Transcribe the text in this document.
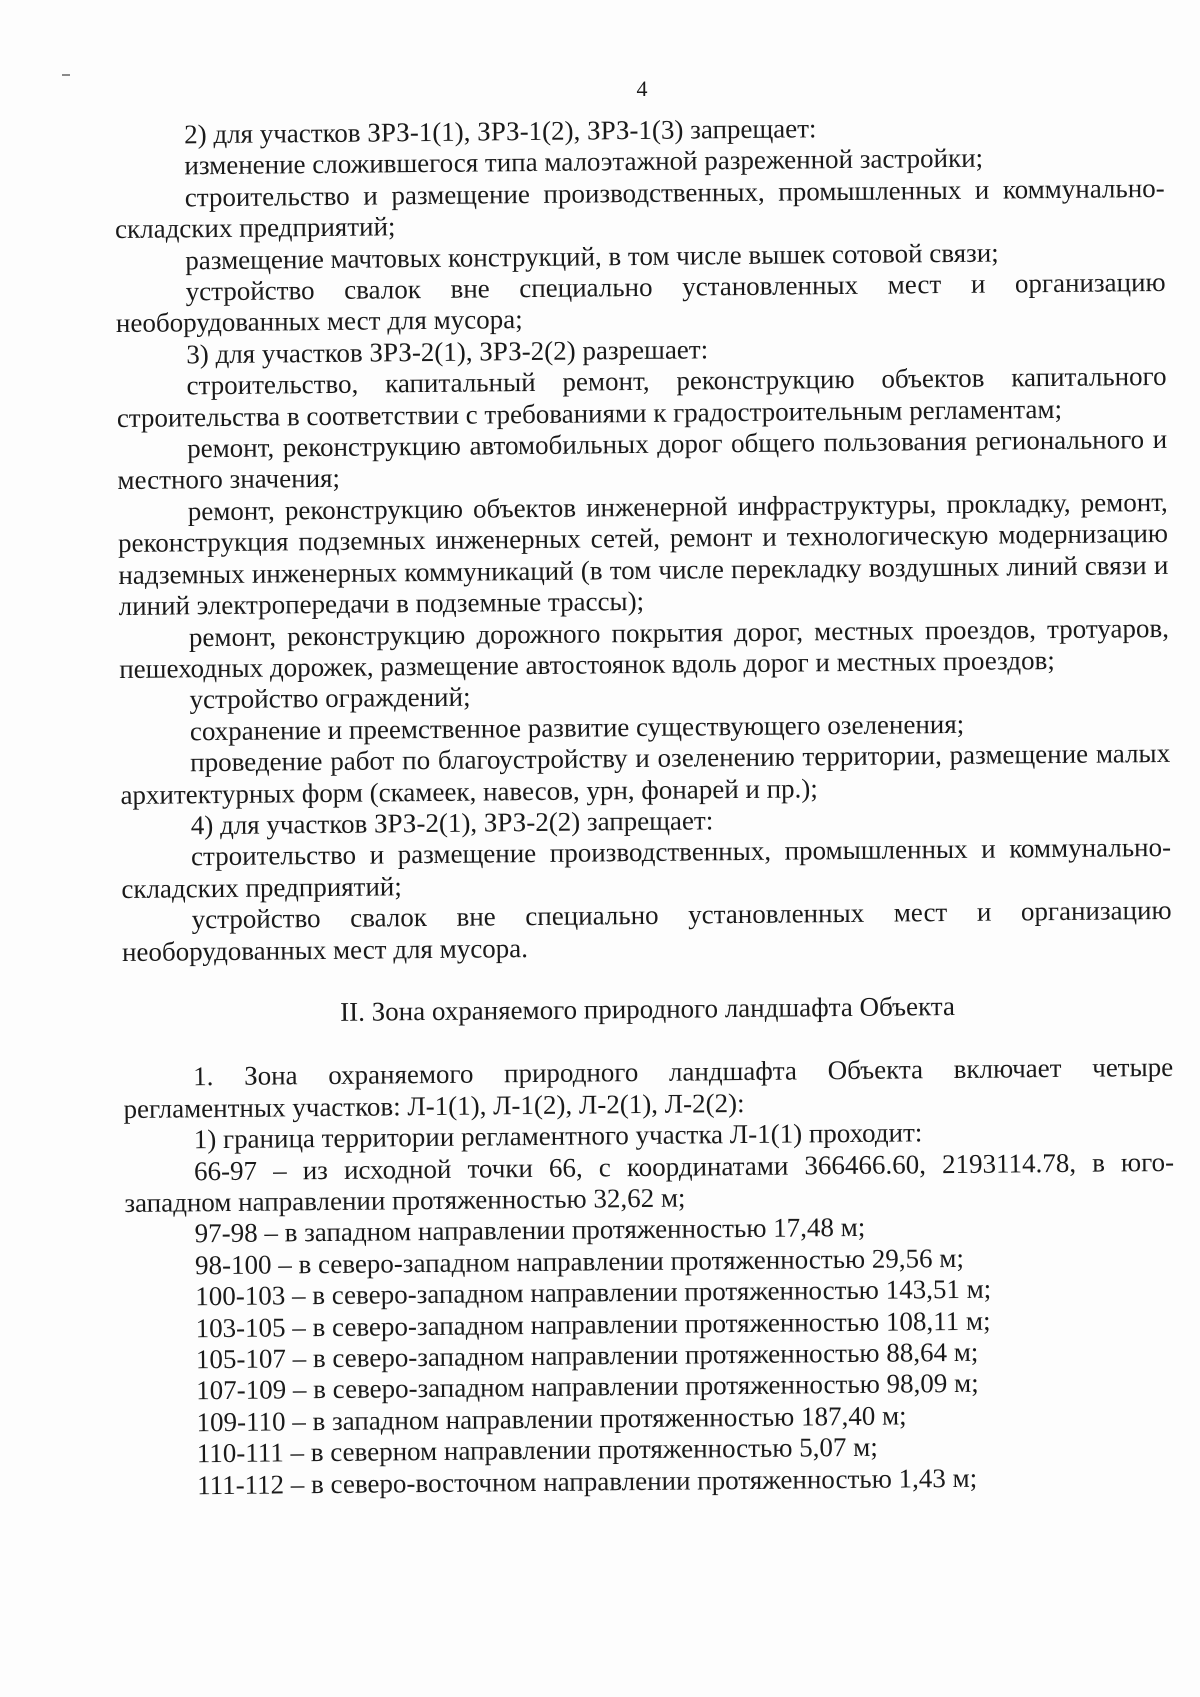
4

2) для участков ЗРЗ-1(1), ЗРЗ-1(2), ЗРЗ-1(3) запрещает:

изменение сложившегося типа малоэтажной разреженной застройки;

строительство и размещение производственных, промышленных и коммунально-складских предприятий;

размещение мачтовых конструкций, в том числе вышек сотовой связи;

устройство свалок вне специально установленных мест и организацию необорудованных мест для мусора;

3) для участков ЗРЗ-2(1), ЗРЗ-2(2) разрешает:

строительство, капитальный ремонт, реконструкцию объектов капитального строительства в соответствии с требованиями к градостроительным регламентам;

ремонт, реконструкцию автомобильных дорог общего пользования регионального и местного значения;

ремонт, реконструкцию объектов инженерной инфраструктуры, прокладку, ремонт, реконструкция подземных инженерных сетей, ремонт и технологическую модернизацию надземных инженерных коммуникаций (в том числе перекладку воздушных линий связи и линий электропередачи в подземные трассы);

ремонт, реконструкцию дорожного покрытия дорог, местных проездов, тротуаров, пешеходных дорожек, размещение автостоянок вдоль дорог и местных проездов;

устройство ограждений;

сохранение и преемственное развитие существующего озеленения;

проведение работ по благоустройству и озеленению территории, размещение малых архитектурных форм (скамеек, навесов, урн, фонарей и пр.);

4) для участков ЗРЗ-2(1), ЗРЗ-2(2) запрещает:

строительство и размещение производственных, промышленных и коммунально-складских предприятий;

устройство свалок вне специально установленных мест и организацию необорудованных мест для мусора.

II. Зона охраняемого природного ландшафта Объекта

1. Зона охраняемого природного ландшафта Объекта включает четыре регламентных участков: Л-1(1), Л-1(2), Л-2(1), Л-2(2):

1) граница территории регламентного участка Л-1(1) проходит:

66-97 – из исходной точки 66, с координатами 366466.60, 2193114.78, в юго-западном направлении протяженностью 32,62 м;

97-98 – в западном направлении протяженностью 17,48 м;

98-100 – в северо-западном направлении протяженностью 29,56 м;

100-103 – в северо-западном направлении протяженностью 143,51 м;

103-105 – в северо-западном направлении протяженностью 108,11 м;

105-107 – в северо-западном направлении протяженностью 88,64 м;

107-109 – в северо-западном направлении протяженностью 98,09 м;

109-110 – в западном направлении протяженностью 187,40 м;

110-111 – в северном направлении протяженностью 5,07 м;

111-112 – в северо-восточном направлении протяженностью 1,43 м;
